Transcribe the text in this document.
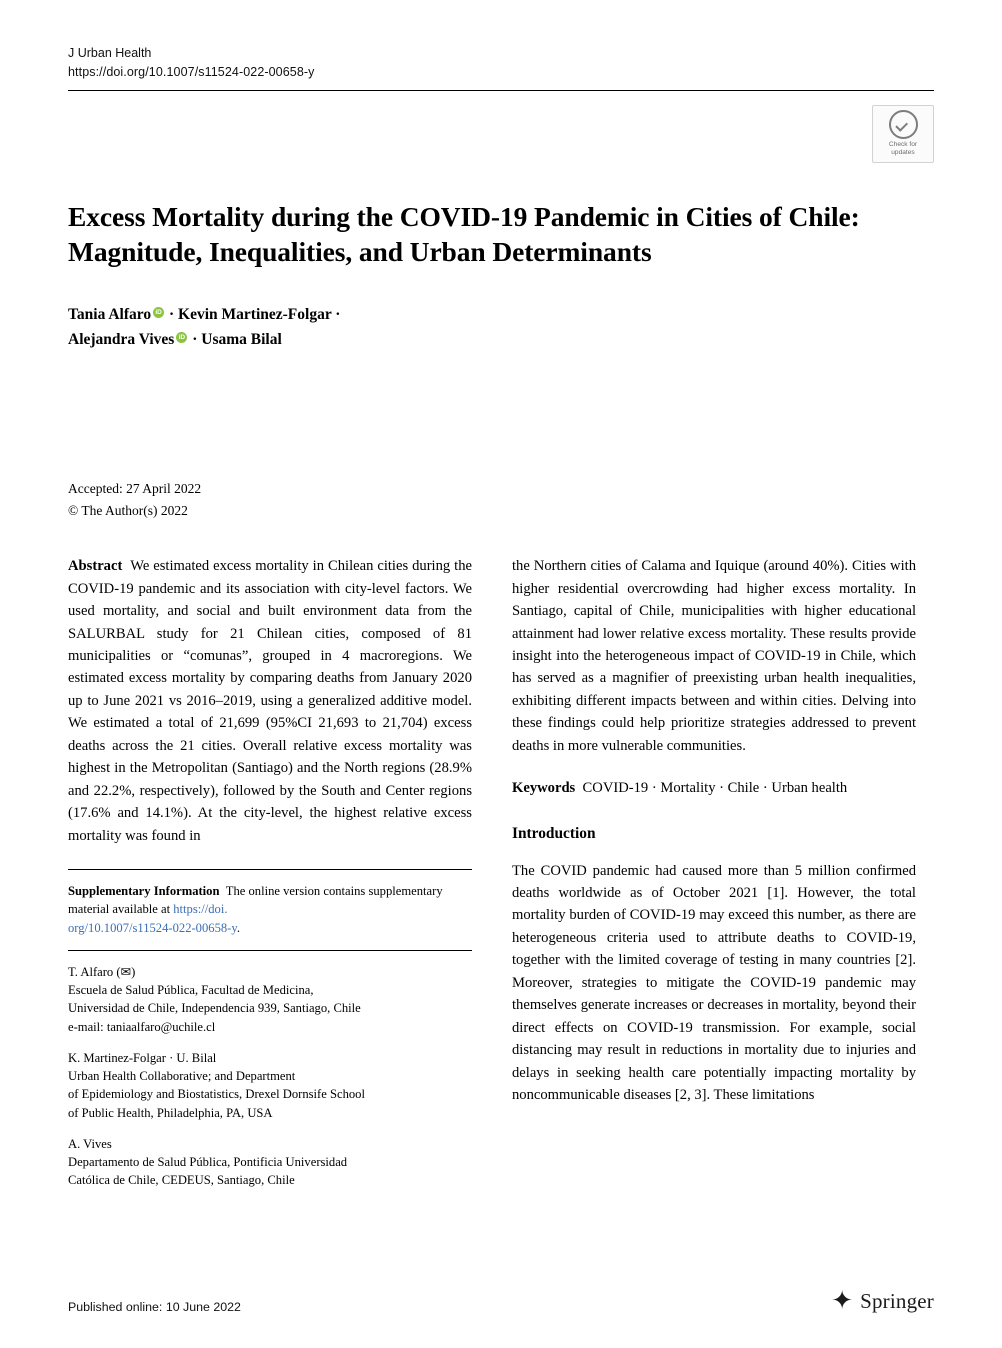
J Urban Health
https://doi.org/10.1007/s11524-022-00658-y
Check for
updates
Excess Mortality during the COVID-19 Pandemic in Cities of Chile: Magnitude, Inequalities, and Urban Determinants
Tania AlfaroiD · Kevin Martinez-Folgar ·
Alejandra VivesiD · Usama Bilal
Accepted: 27 April 2022
© The Author(s) 2022

Abstract We estimated excess mortality in Chilean cities during the COVID-19 pandemic and its association with city-level factors. We used mortality, and social and built environment data from the SALURBAL study for 21 Chilean cities, composed of 81 municipalities or “comunas”, grouped in 4 macroregions. We estimated excess mortality by comparing deaths from January 2020 up to June 2021 vs 2016–2019, using a generalized additive model. We estimated a total of 21,699 (95%CI 21,693 to 21,704) excess deaths across the 21 cities. Overall relative excess mortality was highest in the Metropolitan (Santiago) and the North regions (28.9% and 22.2%, respectively), followed by the South and Center regions (17.6% and 14.1%). At the city-level, the highest relative excess mortality was found in

Supplementary Information The online version contains supplementary material available at https://doi.
org/10.1007/s11524-022-00658-y.
T. Alfaro (✉)
Escuela de Salud Pública, Facultad de Medicina,
Universidad de Chile, Independencia 939, Santiago, Chile
e-mail: taniaalfaro@uchile.cl
K. Martinez-Folgar · U. Bilal
Urban Health Collaborative; and Department
of Epidemiology and Biostatistics, Drexel Dornsife School
of Public Health, Philadelphia, PA, USA
A. Vives
Departamento de Salud Pública, Pontificia Universidad
Católica de Chile, CEDEUS, Santiago, Chile

the Northern cities of Calama and Iquique (around 40%). Cities with higher residential overcrowding had higher excess mortality. In Santiago, capital of Chile, municipalities with higher educational attainment had lower relative excess mortality. These results provide insight into the heterogeneous impact of COVID-19 in Chile, which has served as a magnifier of preexisting urban health inequalities, exhibiting different impacts between and within cities. Delving into these findings could help prioritize strategies addressed to prevent deaths in more vulnerable communities.

Keywords COVID-19 · Mortality · Chile · Urban health

Introduction

The COVID pandemic had caused more than 5 million confirmed deaths worldwide as of October 2021 [1]. However, the total mortality burden of COVID-19 may exceed this number, as there are heterogeneous criteria used to attribute deaths to COVID-19, together with the limited coverage of testing in many countries [2]. Moreover, strategies to mitigate the COVID-19 pandemic may themselves generate increases or decreases in mortality, beyond their direct effects on COVID-19 transmission. For example, social distancing may result in reductions in mortality due to injuries and delays in seeking health care potentially impacting mortality by noncommunicable diseases [2, 3]. These limitations

Published online: 10 June 2022	✦ Springer
